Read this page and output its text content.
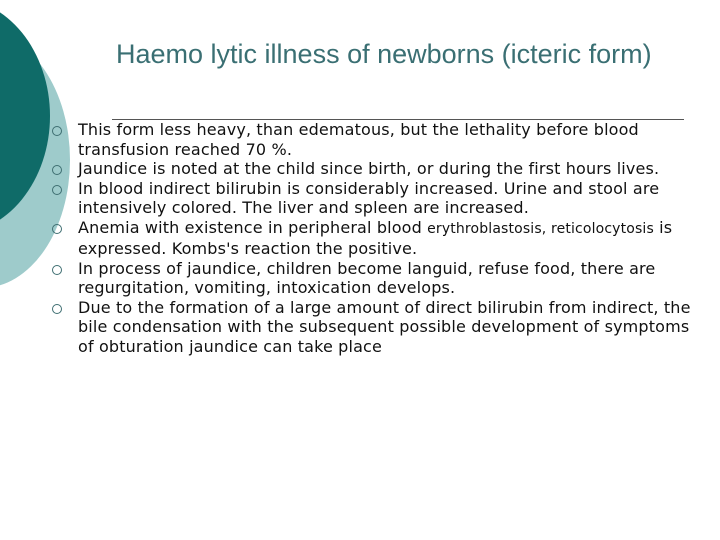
Haemo lytic illness of newborns (icteric form)
This form less heavy, than edematous, but the lethality before blood transfusion reached 70 %.
Jaundice is noted at the child since birth, or during the first hours lives.
In blood indirect bilirubin is considerably increased. Urine and stool are intensively colored. The liver and spleen are increased.
Anemia with existence in peripheral blood erythroblastosis, reticolocytosis is expressed. Kombs's reaction the positive.
In process of jaundice, children become languid, refuse food, there are regurgitation, vomiting, intoxication develops.
Due to the formation of a large amount of direct bilirubin from indirect, the bile condensation with the subsequent possible development of symptoms of obturation jaundice can take place
